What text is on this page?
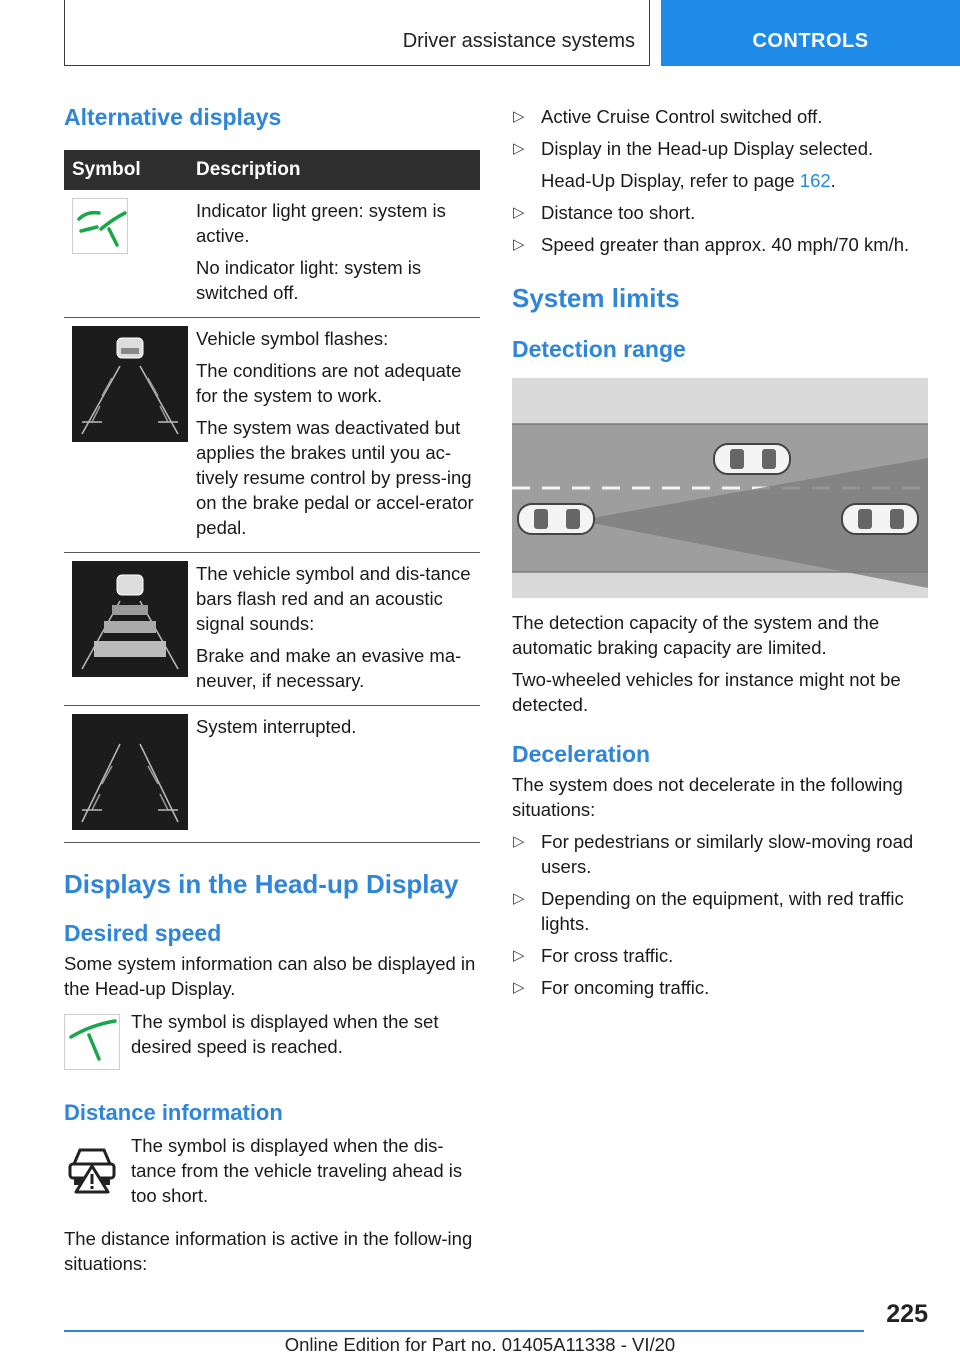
Driver assistance systems	CONTROLS
Alternative displays
Symbol	Description

Indicator light green: system is active.

No indicator light: system is switched off.

Vehicle symbol flashes:

The conditions are not adequate for the system to work.

The system was deactivated but applies the brakes until you ac‐tively resume control by press‐ing on the brake pedal or accel‐erator pedal.

The vehicle symbol and dis‐tance bars flash red and an acoustic signal sounds:

Brake and make an evasive ma‐neuver, if necessary.

System interrupted.

Displays in the Head-up Display
Desired speed

Some system information can also be displayed in the Head-up Display.

The symbol is displayed when the set desired speed is reached.

Distance information

The symbol is displayed when the dis‐tance from the vehicle traveling ahead is too short.

The distance information is active in the follow‐ing situations:

▷ Active Cruise Control switched off.
▷ Display in the Head-up Display selected.

Head-Up Display, refer to page 162.

▷ Distance too short.
▷ Speed greater than approx. 40 mph/70 km/h.
System limits
Detection range

The detection capacity of the system and the automatic braking capacity are limited.

Two-wheeled vehicles for instance might not be detected.

Deceleration

The system does not decelerate in the following situations:

▷ For pedestrians or similarly slow-moving road users.
▷ Depending on the equipment, with red traffic lights.
▷ For cross traffic.
▷ For oncoming traffic.
225
Online Edition for Part no. 01405A11338 - VI/20
